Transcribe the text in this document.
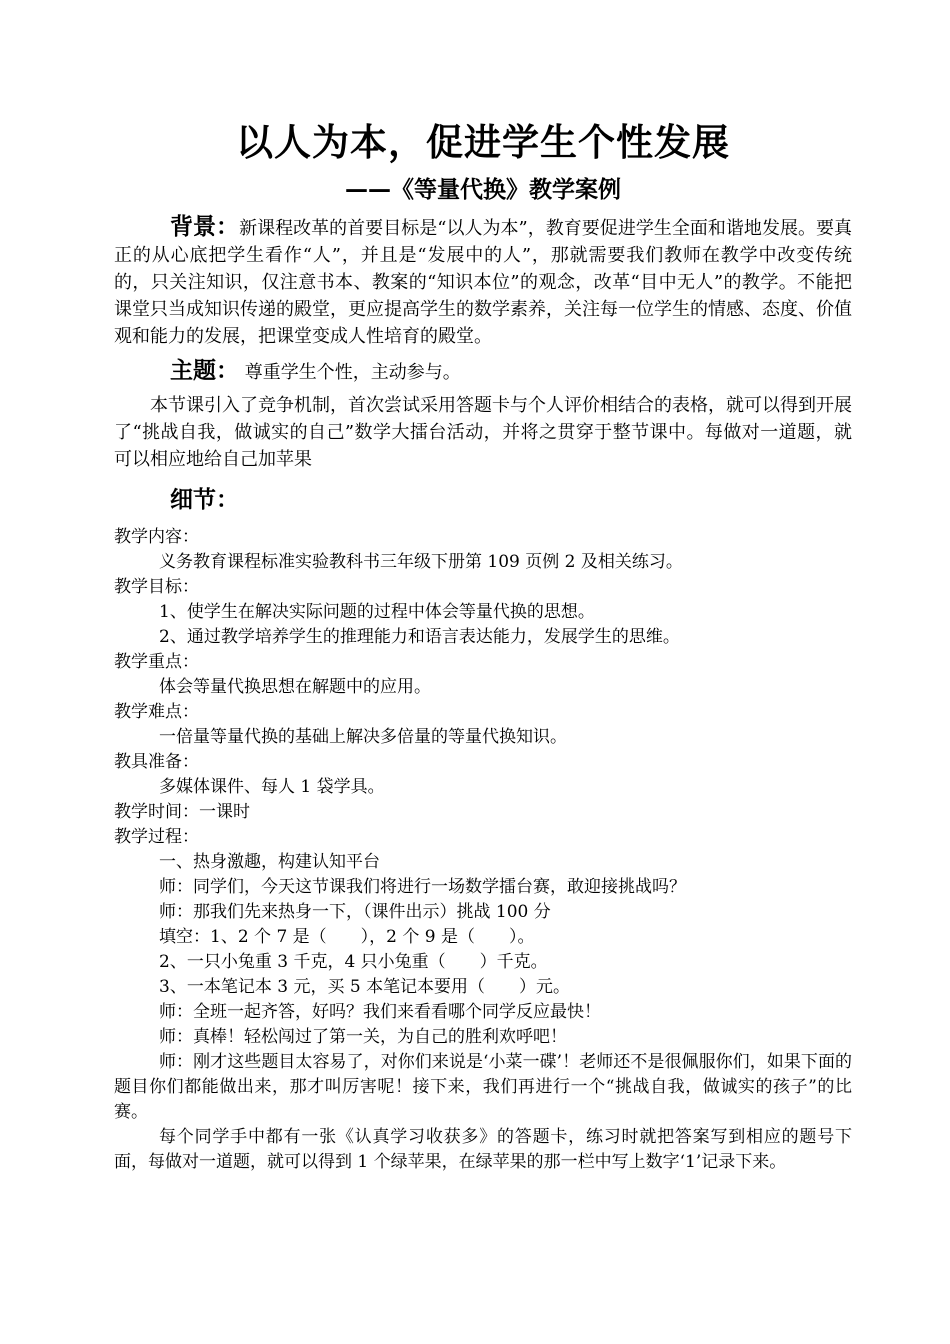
以人为本，促进学生个性发展
——《等量代换》教学案例

背景：新课程改革的首要目标是“以人为本”，教育要促进学生全面和谐地发展。要真正的从心底把学生看作“人”，并且是“发展中的人”，那就需要我们教师在教学中改变传统的，只关注知识，仅注意书本、教案的“知识本位”的观念，改革“目中无人”的教学。不能把课堂只当成知识传递的殿堂，更应提高学生的数学素养，关注每一位学生的情感、态度、价值观和能力的发展，把课堂变成人性培育的殿堂。

主题： 尊重学生个性，主动参与。

本节课引入了竞争机制，首次尝试采用答题卡与个人评价相结合的表格，就可以得到开展了“挑战自我，做诚实的自己”数学大擂台活动，并将之贯穿于整节课中。每做对一道题，就可以相应地给自己加苹果

细节：
教学内容：
义务教育课程标准实验教科书三年级下册第 109 页例 2 及相关练习。
教学目标：
1、使学生在解决实际问题的过程中体会等量代换的思想。
2、通过教学培养学生的推理能力和语言表达能力，发展学生的思维。
教学重点：
体会等量代换思想在解题中的应用。
教学难点：
一倍量等量代换的基础上解决多倍量的等量代换知识。
教具准备：
多媒体课件、每人 1 袋学具。
教学时间：一课时
教学过程：
一、热身激趣，构建认知平台
师：同学们，今天这节课我们将进行一场数学擂台赛，敢迎接挑战吗？
师：那我们先来热身一下，（课件出示）挑战 100 分
填空：1、2 个 7 是（　　），2 个 9 是（　　）。
2、一只小兔重 3 千克，4 只小兔重（　　）千克。
3、一本笔记本 3 元，买 5 本笔记本要用（　　）元。
师：全班一起齐答，好吗？我们来看看哪个同学反应最快！
师：真棒！轻松闯过了第一关，为自己的胜利欢呼吧！

师：刚才这些题目太容易了，对你们来说是‘小菜一碟’！老师还不是很佩服你们，如果下面的题目你们都能做出来，那才叫厉害呢！接下来，我们再进行一个“挑战自我，做诚实的孩子”的比赛。

每个同学手中都有一张《认真学习收获多》的答题卡，练习时就把答案写到相应的题号下面，每做对一道题，就可以得到 1 个绿苹果，在绿苹果的那一栏中写上数字‘1’记录下来。
